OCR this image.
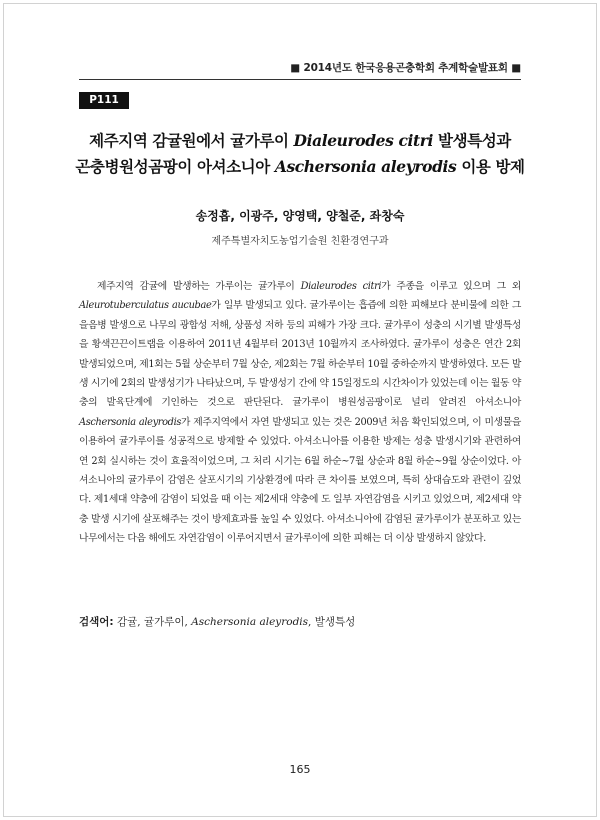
■ 2014년도 한국응용곤충학회 추계학술발표회 ■
P111
제주지역 감귤원에서 귤가루이 Dialeurodes citri 발생특성과
곤충병원성곰팡이 아셔소니아 Aschersonia aleyrodis 이용 방제
송정흡, 이광주, 양영택, 양철준, 좌창숙
제주특별자치도농업기술원 친환경연구과

제주지역 감귤에 발생하는 가루이는 귤가루이 Dialeurodes citri가 주종을 이루고 있으며 그 외 Aleurotuberculatus aucubae가 일부 발생되고 있다. 귤가루이는 흡즙에 의한 피해보다 분비물에 의한 그을음병 발생으로 나무의 광합성 저해, 상품성 저하 등의 피해가 가장 크다. 귤가루이 성충의 시기별 발생특성을 황색끈끈이트랩을 이용하여 2011년 4월부터 2013년 10월까지 조사하였다. 귤가루이 성충은 연간 2회 발생되었으며, 제1회는 5월 상순부터 7월 상순, 제2회는 7월 하순부터 10월 중하순까지 발생하였다. 모든 발생 시기에 2회의 발생성기가 나타났으며, 두 발생성기 간에 약 15일정도의 시간차이가 있었는데 이는 월동 약충의 발육단계에 기인하는 것으로 판단된다. 귤가루이 병원성곰팡이로 널리 알려진 아셔소니아 Aschersonia aleyrodis가 제주지역에서 자연 발생되고 있는 것은 2009년 처음 확인되었으며, 이 미생물을 이용하여 귤가루이를 성공적으로 방제할 수 있었다. 아셔소니아를 이용한 방제는 성충 발생시기와 관련하여 연 2회 실시하는 것이 효율적이었으며, 그 처리 시기는 6월 하순~7월 상순과 8월 하순~9월 상순이었다. 아셔소니아의 귤가루이 감염은 살포시기의 기상환경에 따라 큰 차이를 보였으며, 특히 상대습도와 관련이 깊었다. 제1세대 약충에 감염이 되었을 때 이는 제2세대 약충에 도 일부 자연감염을 시키고 있었으며, 제2세대 약충 발생 시기에 살포해주는 것이 방제효과를 높일 수 있었다. 아셔소니아에 감염된 귤가루이가 분포하고 있는 나무에서는 다음 해에도 자연감염이 이루어지면서 귤가루이에 의한 피해는 더 이상 발생하지 않았다.

검색어: 감귤, 귤가루이, Aschersonia aleyrodis, 발생특성
165
